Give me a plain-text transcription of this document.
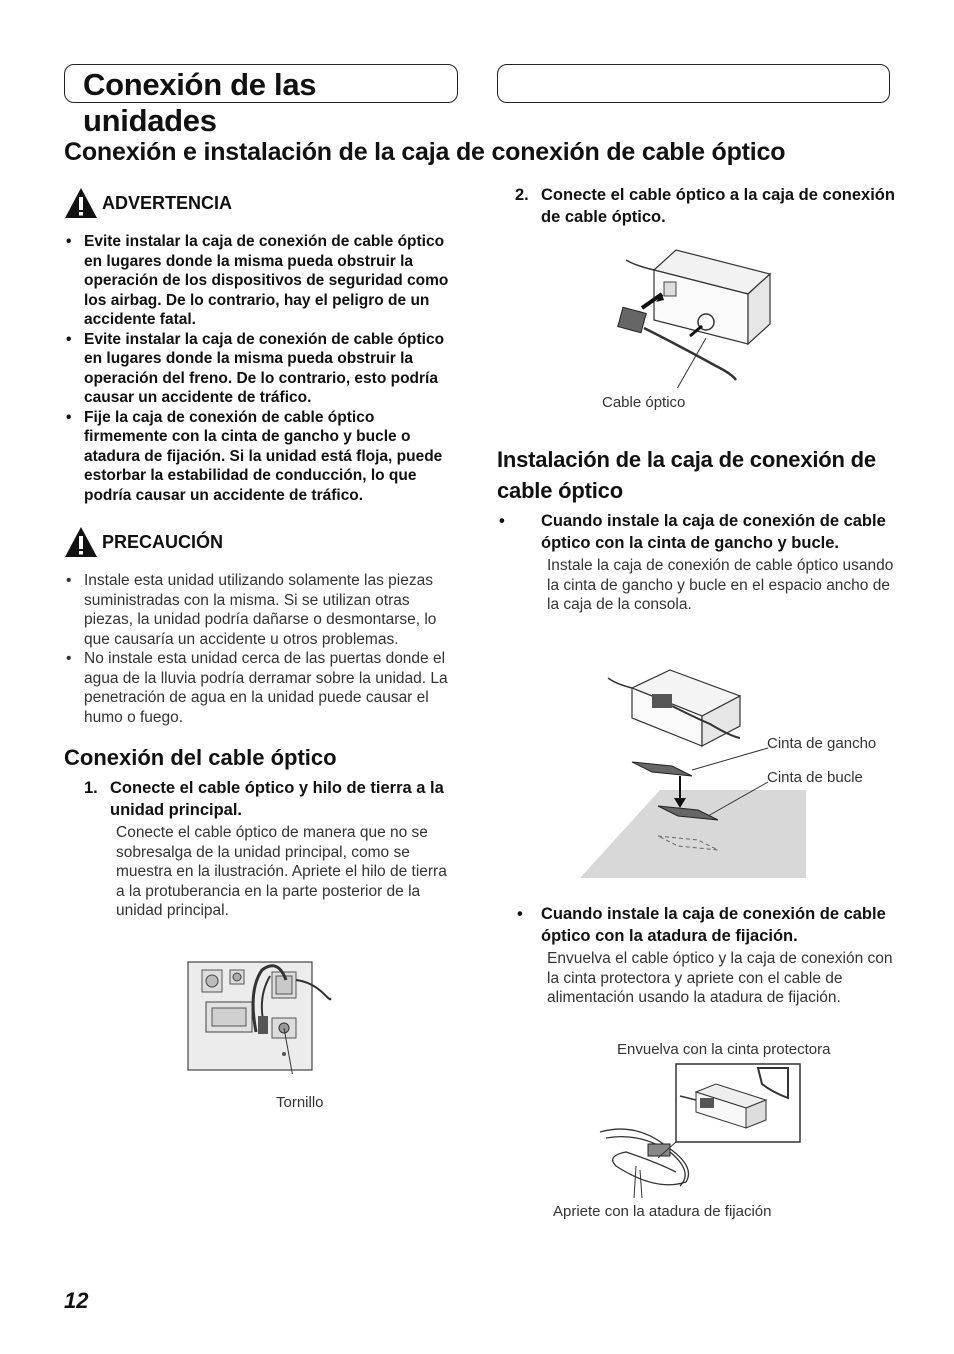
Conexión de las unidades
Conexión e instalación de la caja de conexión de cable óptico
ADVERTENCIA
• Evite instalar la caja de conexión de cable óptico en lugares donde la misma pueda obstruir la operación de los dispositivos de seguridad como los airbag. De lo contrario, hay el peligro de un accidente fatal.
• Evite instalar la caja de conexión de cable óptico en lugares donde la misma pueda obstruir la operación del freno. De lo contrario, esto podría causar un accidente de tráfico.
• Fije la caja de conexión de cable óptico firmemente con la cinta de gancho y bucle o atadura de fijación. Si la unidad está floja, puede estorbar la estabilidad de conducción, lo que podría causar un accidente de tráfico.
PRECAUCIÓN
• Instale esta unidad utilizando solamente las piezas suministradas con la misma. Si se utilizan otras piezas, la unidad podría dañarse o desmontarse, lo que causaría un accidente u otros problemas.
• No instale esta unidad cerca de las puertas donde el agua de la lluvia podría derramar sobre la unidad. La penetración de agua en la unidad puede causar el humo o fuego.
Conexión del cable óptico
1. Conecte el cable óptico y hilo de tierra a la unidad principal.
Conecte el cable óptico de manera que no se sobresalga de la unidad principal, como se muestra en la ilustración. Apriete el hilo de tierra a la protuberancia en la parte posterior de la unidad principal.
Tornillo
2. Conecte el cable óptico a la caja de conexión de cable óptico.
Cable óptico
Instalación de la caja de conexión de cable óptico
• Cuando instale la caja de conexión de cable óptico con la cinta de gancho y bucle.
Instale la caja de conexión de cable óptico usando la cinta de gancho y bucle en el espacio ancho de la caja de la consola.
Cinta de gancho
Cinta de bucle
• Cuando instale la caja de conexión de cable óptico con la atadura de fijación.
Envuelva el cable óptico y la caja de conexión con la cinta protectora y apriete con el cable de alimentación usando la atadura de fijación.
Envuelva con la cinta protectora
Apriete con la atadura de fijación
12
